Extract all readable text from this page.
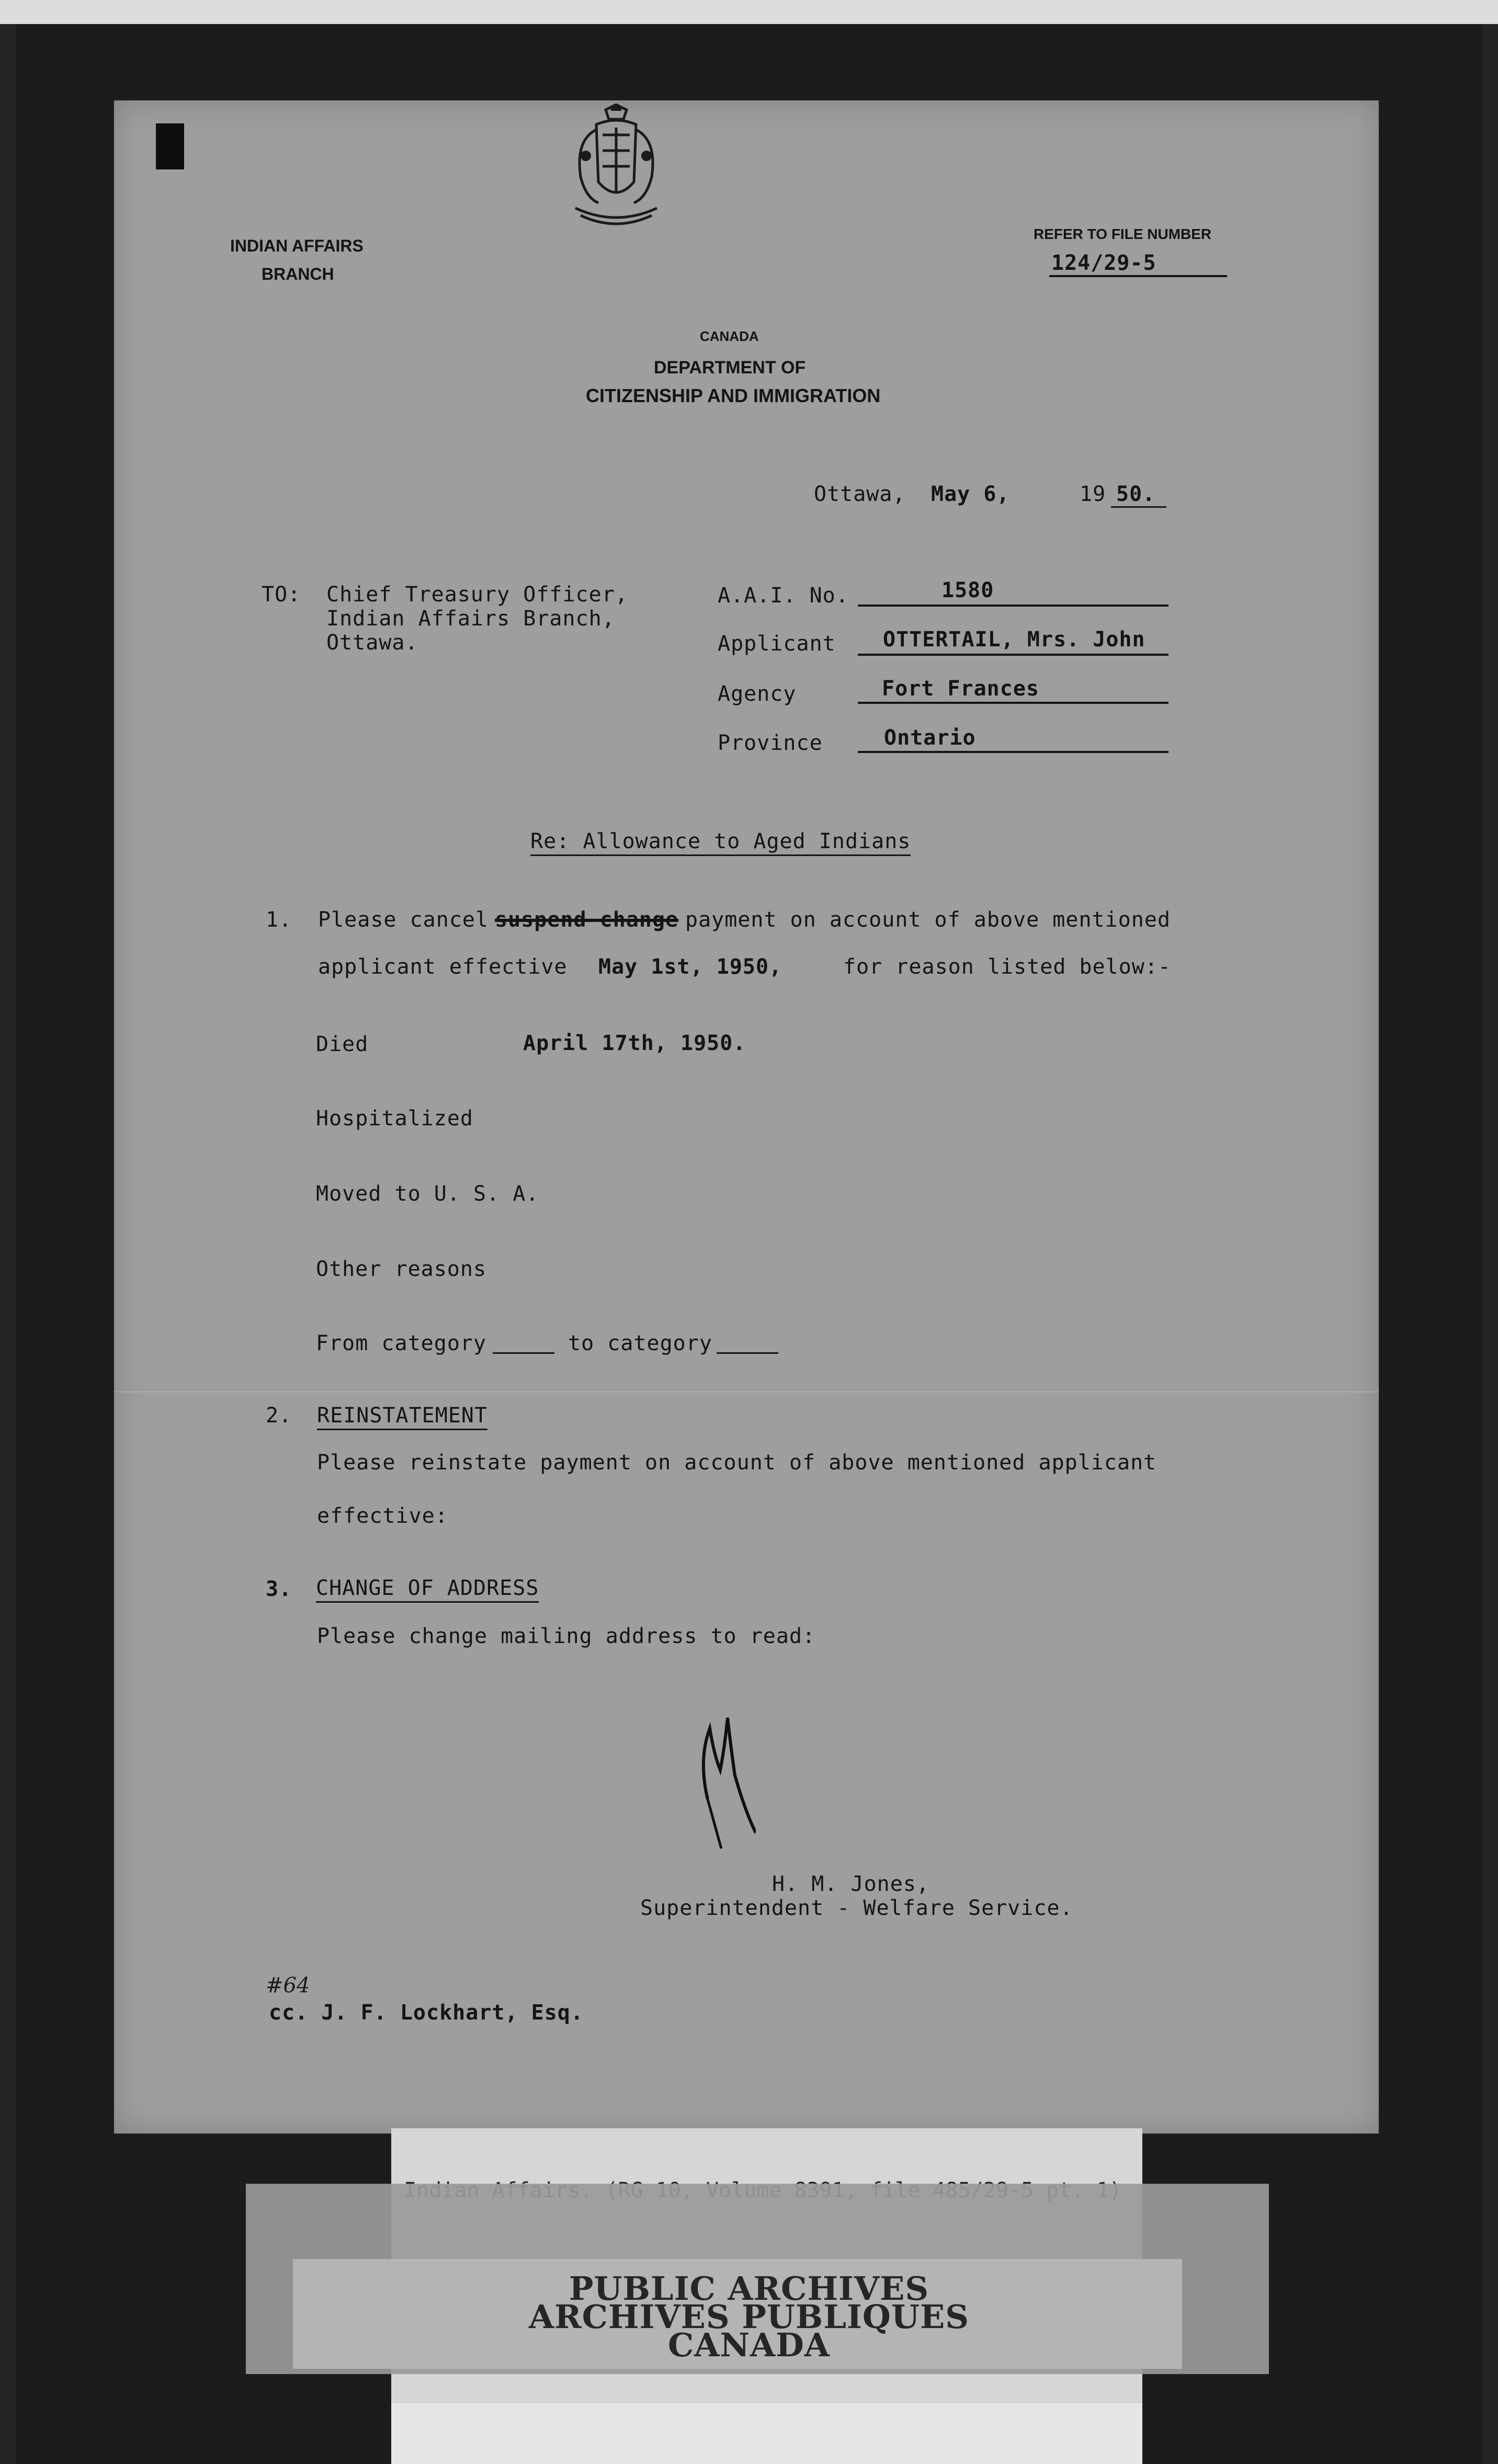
INDIAN AFFAIRS
BRANCH
CANADA
DEPARTMENT OF
CITIZENSHIP AND IMMIGRATION
REFER TO FILE NUMBER
124/29-5
Ottawa, May 6,	19 50.
TO: Chief Treasury Officer,
Indian Affairs Branch,
Ottawa.
A.A.I. No.	1580
Applicant OTTERTAIL, Mrs. John
Agency	Fort Frances
Province	Ontario
Re: Allowance to Aged Indians
1. Please cancel suspend change payment on account of above mentioned
applicant effective May 1st, 1950,	for reason listed below:-
Died	April 17th, 1950.
Hospitalized
Moved to U. S. A.
Other reasons
From category	to category
2. REINSTATEMENT
Please reinstate payment on account of above mentioned applicant
effective:
3. CHANGE OF ADDRESS
Please change mailing address to read:
H. M. Jones,
Superintendent - Welfare Service.
#64
cc. J. F. Lockhart, Esq.
PUBLIC ARCHIVES
ARCHIVES PUBLIQUES
CANADA
